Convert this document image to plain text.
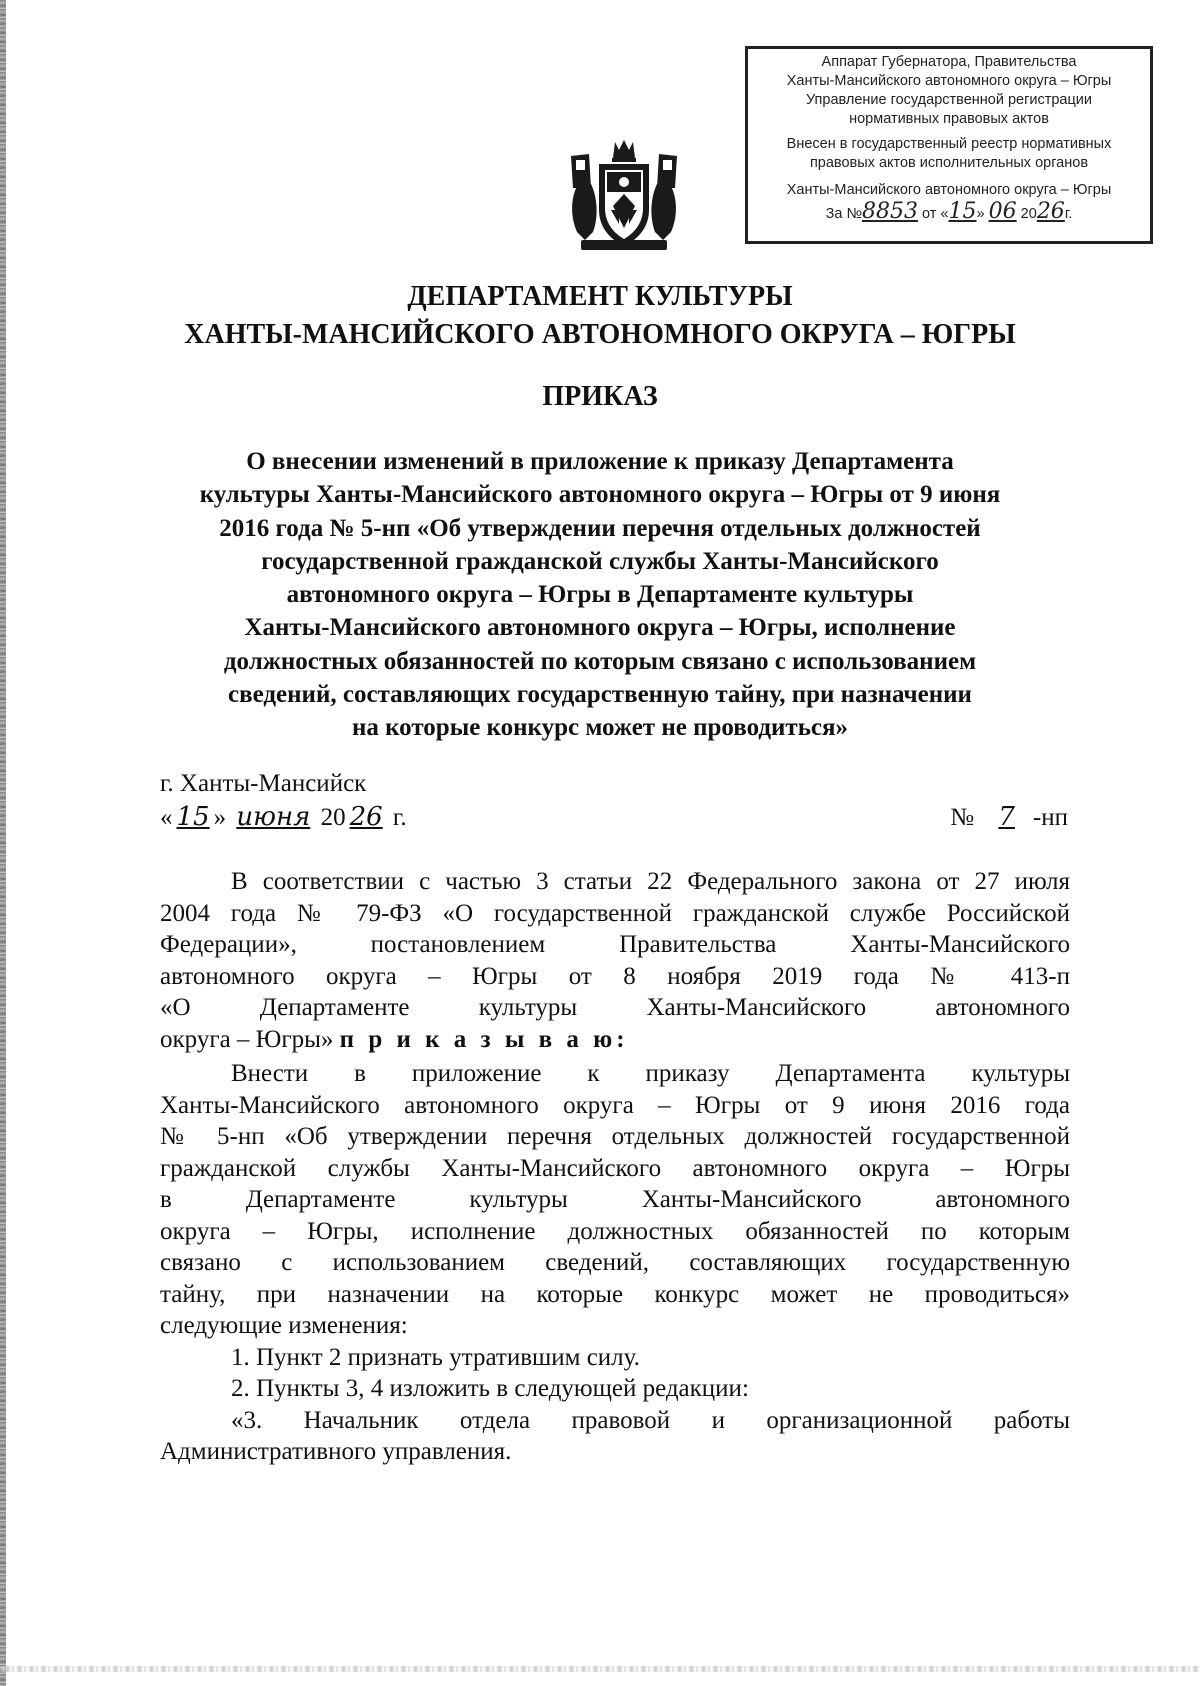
Аппарат Губернатора, Правительства
Ханты-Мансийского автономного округа – Югры
Управление государственной регистрации
нормативных правовых актов
Внесен в государственный реестр нормативных
правовых актов исполнительных органов
Ханты-Мансийского автономного округа – Югры
За №8853 от «15» 06 2026г.
ДЕПАРТАМЕНТ КУЛЬТУРЫ
ХАНТЫ-МАНСИЙСКОГО АВТОНОМНОГО ОКРУГА – ЮГРЫ
ПРИКАЗ
О внесении изменений в приложение к приказу Департамента
культуры Ханты-Мансийского автономного округа – Югры от 9 июня
2016 года № 5-нп «Об утверждении перечня отдельных должностей
государственной гражданской службы Ханты-Мансийского
автономного округа – Югры в Департаменте культуры
Ханты-Мансийского автономного округа – Югры, исполнение
должностных обязанностей по которым связано с использованием
сведений, составляющих государственную тайну, при назначении
на которые конкурс может не проводиться»
г. Ханты-Мансийск
« 15 » июня 20 26 г.	№ 7 -нп

В соответствии с частью 3 статьи 22 Федерального закона от 27 июля

2004 года № 79-ФЗ «О государственной гражданской службе Российской

Федерации», постановлением Правительства Ханты-Мансийского

автономного округа – Югры от 8 ноября 2019 года № 413-п

«О Департаменте культуры Ханты-Мансийского автономного

округа – Югры» п р и к а з ы в а ю:

Внести в приложение к приказу Департамента культуры

Ханты-Мансийского автономного округа – Югры от 9 июня 2016 года

№ 5-нп «Об утверждении перечня отдельных должностей государственной

гражданской службы Ханты-Мансийского автономного округа – Югры

в Департаменте культуры Ханты-Мансийского автономного

округа – Югры, исполнение должностных обязанностей по которым

связано с использованием сведений, составляющих государственную

тайну, при назначении на которые конкурс может не проводиться»

следующие изменения:

1. Пункт 2 признать утратившим силу.

2. Пункты 3, 4 изложить в следующей редакции:

«3. Начальник отдела правовой и организационной работы

Административного управления.
